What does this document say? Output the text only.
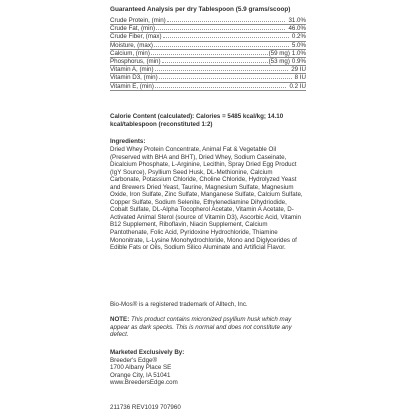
Guaranteed Analysis per dry Tablespoon (5.9 grams/scoop)
Crude Protein, (min)	31.0%
Crude Fat, (min)	46.0%
Crude Fiber, (max)	0.2%
Moisture, (max)	5.0%
Calcium, (min)	(59 mg) 1.0%
Phosphorus, (min)	(53 mg) 0.9%
Vitamin A, (min)	29 IU
Vitamin D3, (min)	8 IU
Vitamin E, (min)	0.2 IU
Calorie Content (calculated): Calories = 5485 kcal/kg; 14.10 kcal/tablespoon (reconstituted 1:2)
Ingredients:
Dried Whey Protein Concentrate, Animal Fat & Vegetable Oil (Preserved with BHA and BHT), Dried Whey, Sodium Caseinate, Dicalcium Phosphate, L-Arginine, Lecithin, Spray Dried Egg Product (IgY Source), Psyllium Seed Husk, DL-Methionine, Calcium Carbonate, Potassium Chloride, Choline Chloride, Hydrolyzed Yeast and Brewers Dried Yeast, Taurine, Magnesium Sulfate, Magnesium Oxide, Iron Sulfate, Zinc Sulfate, Manganese Sulfate, Calcium Sulfate, Copper Sulfate, Sodium Selenite, Ethylenediamine Dihydriodide, Cobalt Sulfate, DL-Alpha Tocopherol Acetate, Vitamin A Acetate, D-Activated Animal Sterol (source of Vitamin D3), Ascorbic Acid, Vitamin B12 Supplement, Riboflavin, Niacin Supplement, Calcium Pantothenate, Folic Acid, Pyridoxine Hydrochloride, Thiamine Mononitrate, L-Lysine Monohydrochloride, Mono and Diglycerides of Edible Fats or Oils, Sodium Silico Aluminate and Artificial Flavor.
Bio-Mos® is a registered trademark of Alltech, Inc.
NOTE: This product contains micronized psyllium husk which may appear as dark specks. This is normal and does not constitute any defect.
Marketed Exclusively By:
Breeder's Edge®
1700 Albany Place SE
Orange City, IA 51041
www.BreedersEdge.com
211736 REV1019 707960
